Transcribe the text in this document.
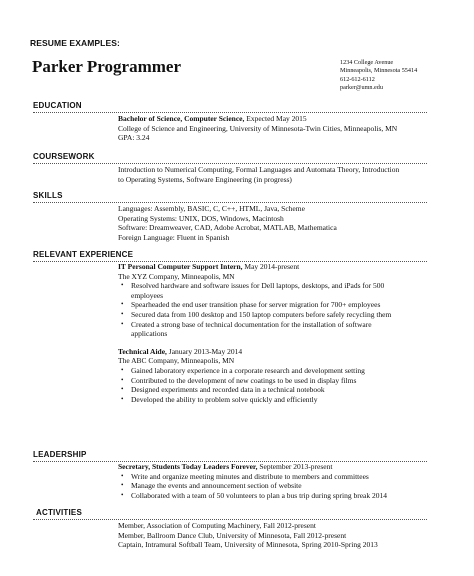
RESUME EXAMPLES:
Parker Programmer	1234 College Avenue
Minneapolis, Minnesota 55414
612-612-6112
parker@umn.edu
EDUCATION
Bachelor of Science, Computer Science, Expected May 2015
College of Science and Engineering, University of Minnesota-Twin Cities, Minneapolis, MN
GPA: 3.24
COURSEWORK
Introduction to Numerical Computing, Formal Languages and Automata Theory, Introduction
to Operating Systems, Software Engineering (in progress)
SKILLS
Languages: Assembly, BASIC, C, C++, HTML, Java, Scheme
Operating Systems: UNIX, DOS, Windows, Macintosh
Software: Dreamweaver, CAD, Adobe Acrobat, MATLAB, Mathematica
Foreign Language: Fluent in Spanish
RELEVANT EXPERIENCE
IT Personal Computer Support Intern, May 2014-present
The XYZ Company, Minneapolis, MN
• Resolved hardware and software issues for Dell laptops, desktops, and iPads for 500
employees
• Spearheaded the end user transition phase for server migration for 700+ employees
• Secured data from 100 desktop and 150 laptop computers before safely recycling them
• Created a strong base of technical documentation for the installation of software
applications
Technical Aide, January 2013-May 2014
The ABC Company, Minneapolis, MN
• Gained laboratory experience in a corporate research and development setting
• Contributed to the development of new coatings to be used in display films
• Designed experiments and recorded data in a technical notebook
• Developed the ability to problem solve quickly and efficiently
LEADERSHIP
Secretary, Students Today Leaders Forever, September 2013-present
• Write and organize meeting minutes and distribute to members and committees
• Manage the events and announcement section of website
• Collaborated with a team of 50 volunteers to plan a bus trip during spring break 2014
ACTIVITIES
Member, Association of Computing Machinery, Fall 2012-present
Member, Ballroom Dance Club, University of Minnesota, Fall 2012-present
Captain, Intramural Softball Team, University of Minnesota, Spring 2010-Spring 2013
